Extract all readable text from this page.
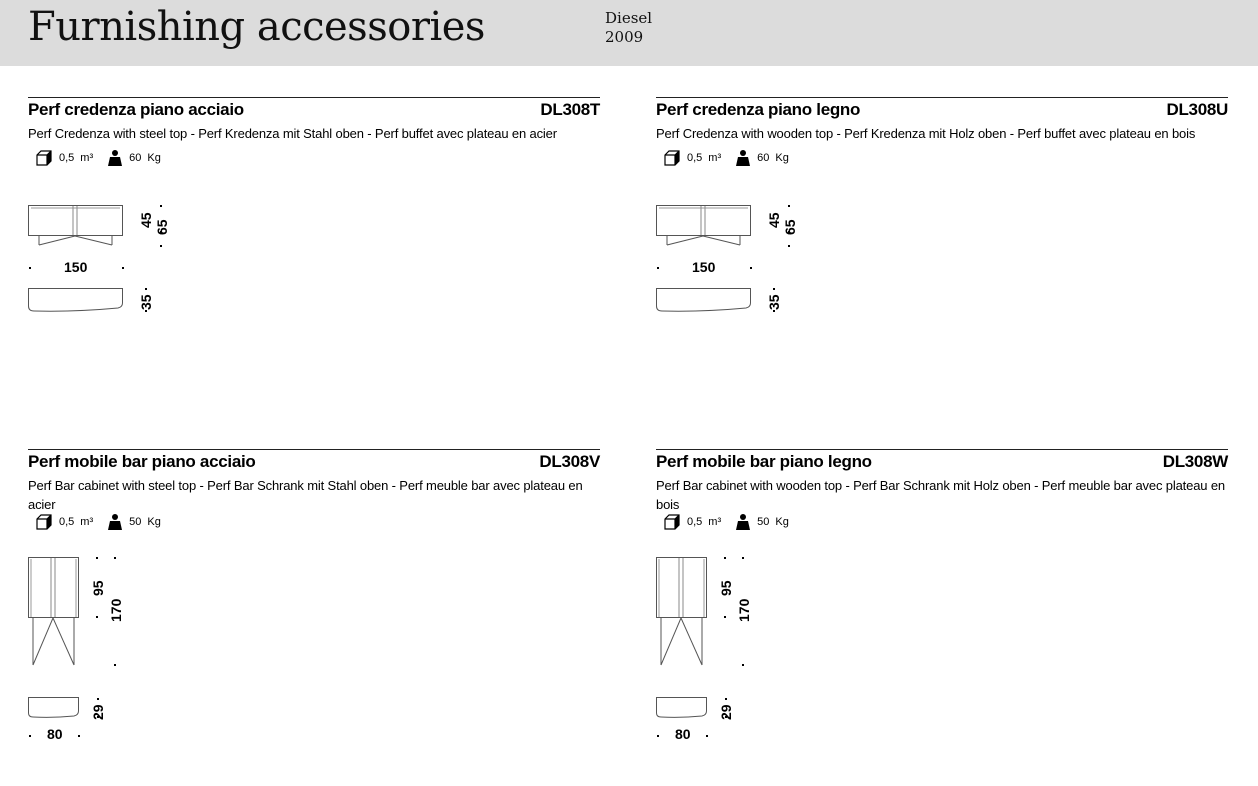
Furnishing accessories	Diesel
2009
Perf credenza piano acciaio	DL308T
Perf Credenza with steel top - Perf Kredenza mit Stahl oben - Perf buffet avec plateau en acier
0,5 m³	60 Kg
45 65
150
35
Perf credenza piano legno	DL308U
Perf Credenza with wooden top - Perf Kredenza mit Holz oben - Perf buffet avec plateau en bois
0,5 m³	60 Kg
45 65
150
35
Perf mobile bar piano acciaio	DL308V
Perf Bar cabinet with steel top - Perf Bar Schrank mit Stahl oben - Perf meuble bar avec plateau en acier
0,5 m³	50 Kg
95
170
29
80
Perf mobile bar piano legno	DL308W
Perf Bar cabinet with wooden top - Perf Bar Schrank mit Holz oben - Perf meuble bar avec plateau en bois
0,5 m³	50 Kg
95
170
29
80
